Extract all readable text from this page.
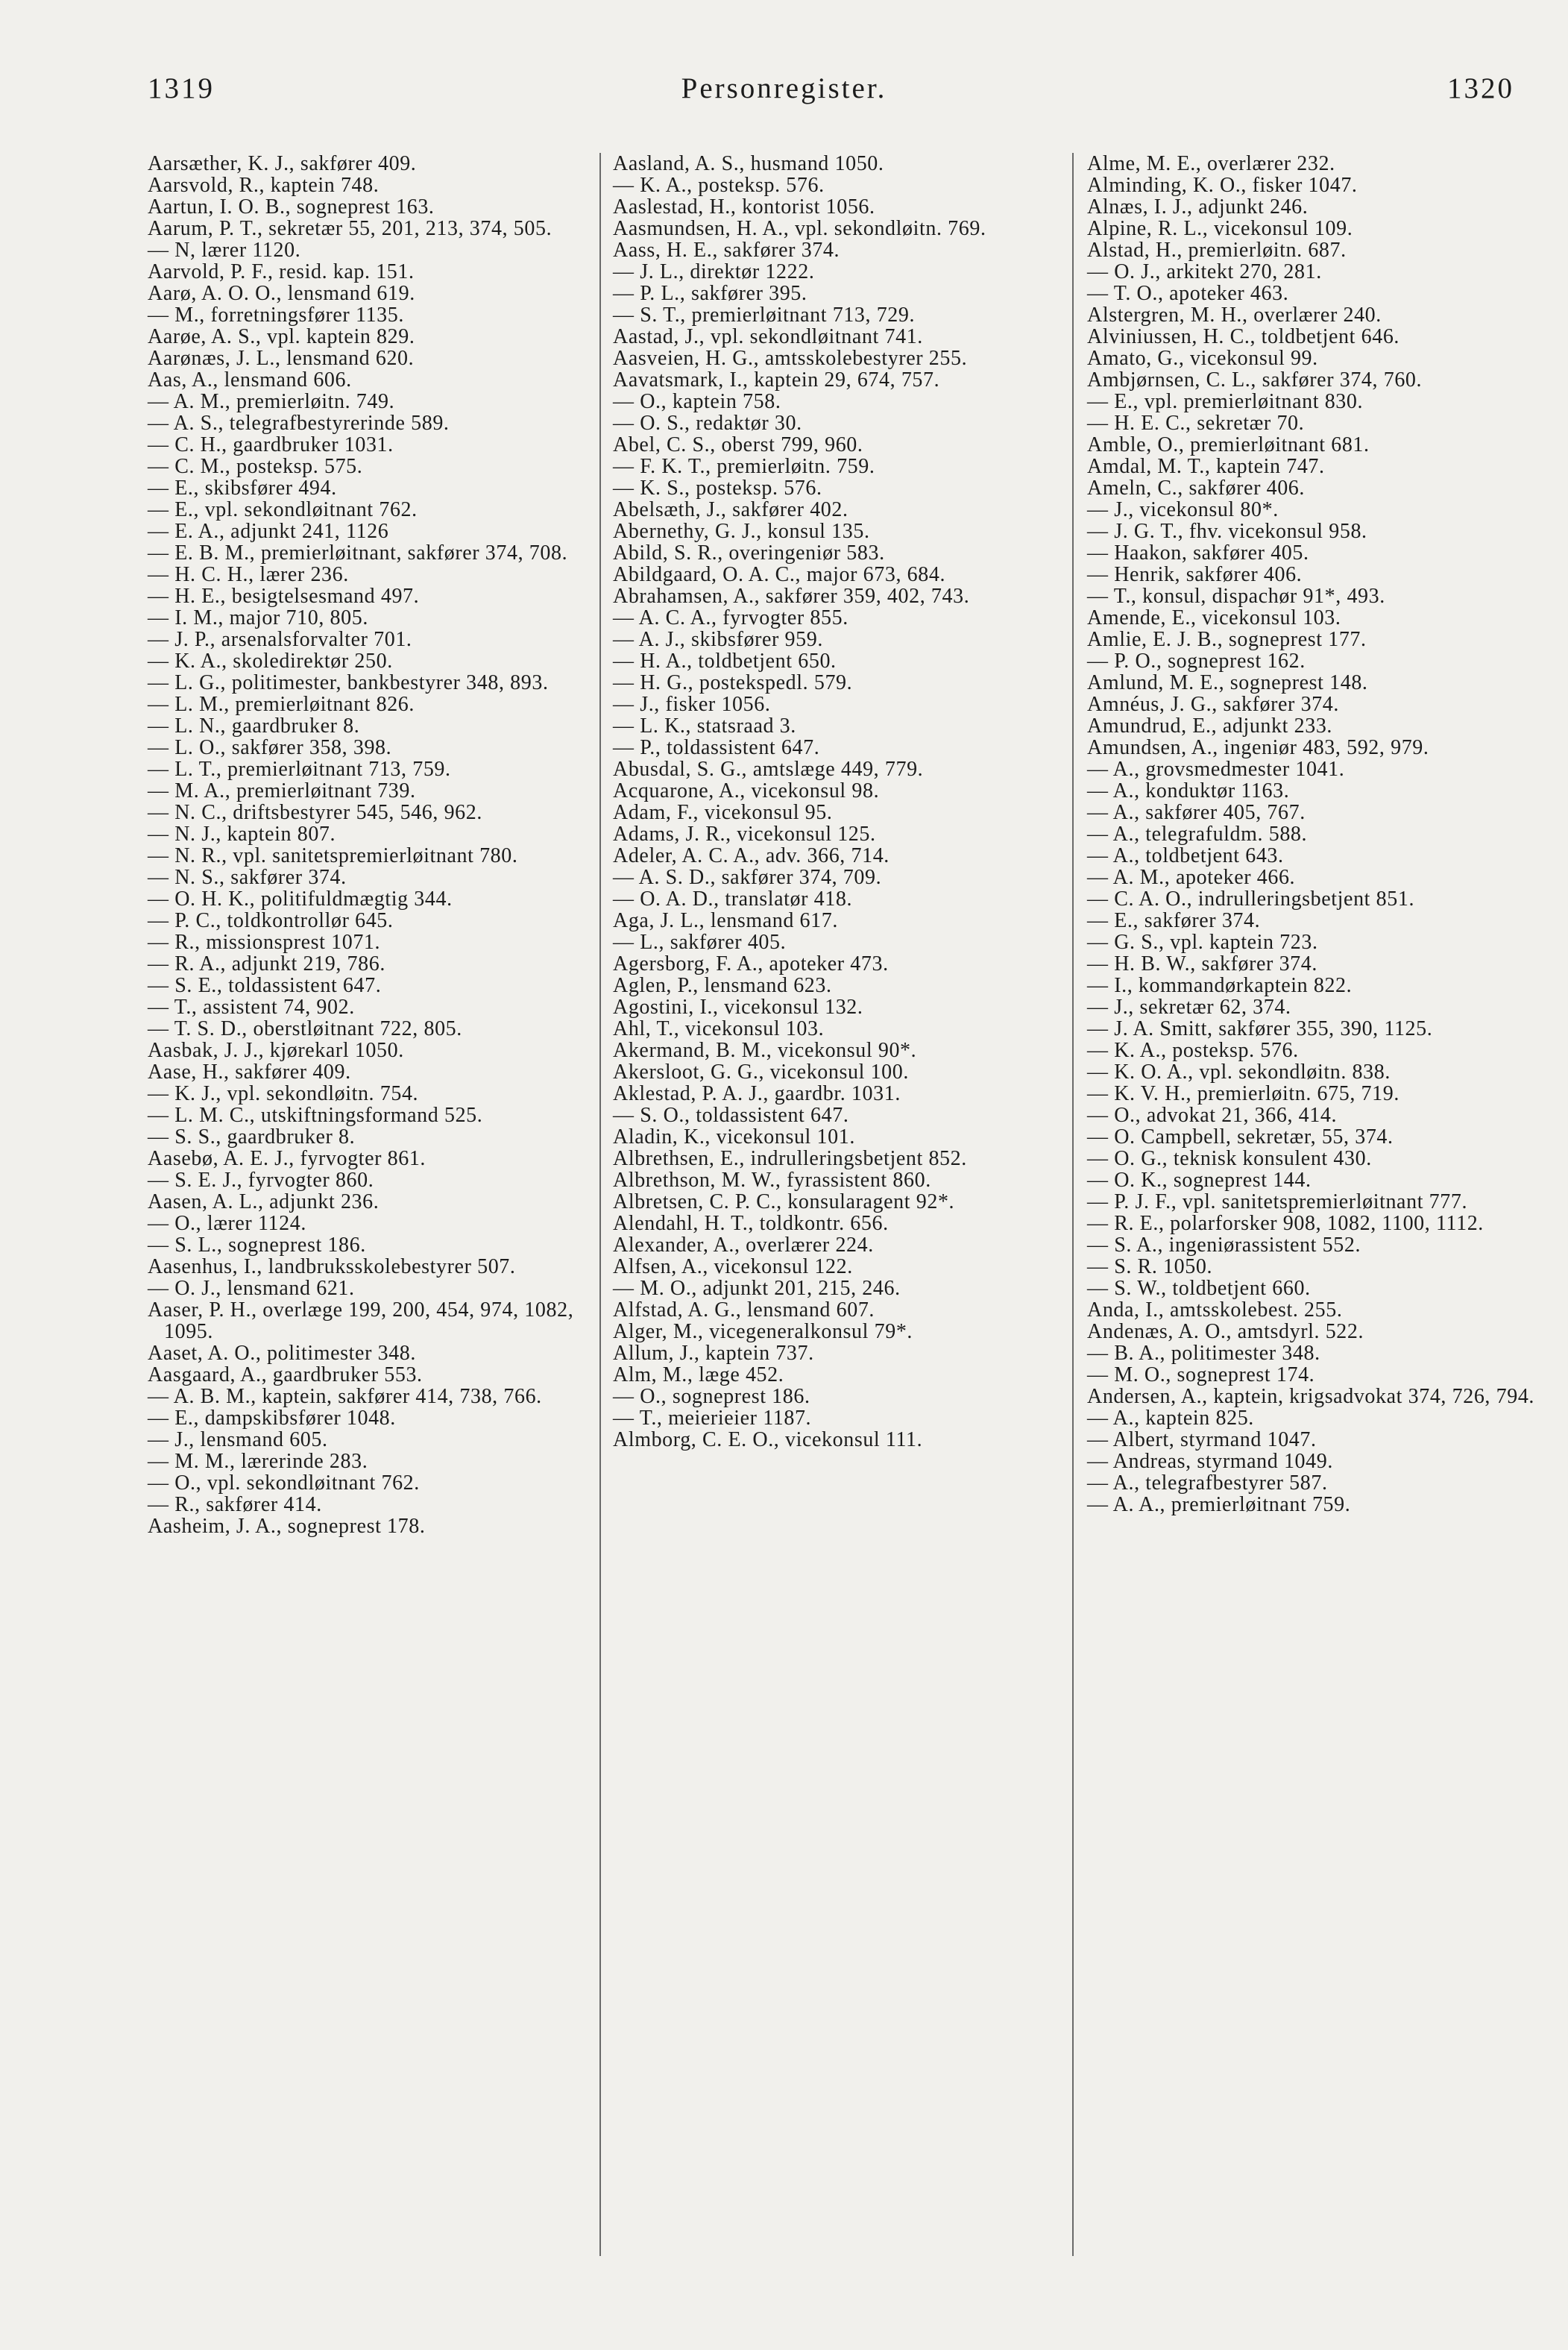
1319	Personregister.	1320
Aarsæther, K. J., sakfører 409.
Aarsvold, R., kaptein 748.
Aartun, I. O. B., sogneprest 163.
Aarum, P. T., sekretær 55, 201, 213, 374, 505.
— N, lærer 1120.
Aarvold, P. F., resid. kap. 151.
Aarø, A. O. O., lensmand 619.
— M., forretningsfører 1135.
Aarøe, A. S., vpl. kaptein 829.
Aarønæs, J. L., lensmand 620.
Aas, A., lensmand 606.
— A. M., premierløitn. 749.
— A. S., telegrafbestyrerinde 589.
— C. H., gaardbruker 1031.
— C. M., posteksp. 575.
— E., skibsfører 494.
— E., vpl. sekondløitnant 762.
— E. A., adjunkt 241, 1126
— E. B. M., premierløitnant, sakfører 374, 708.
— H. C. H., lærer 236.
— H. E., besigtelsesmand 497.
— I. M., major 710, 805.
— J. P., arsenalsforvalter 701.
— K. A., skoledirektør 250.
— L. G., politimester, bankbestyrer 348, 893.
— L. M., premierløitnant 826.
— L. N., gaardbruker 8.
— L. O., sakfører 358, 398.
— L. T., premierløitnant 713, 759.
— M. A., premierløitnant 739.
— N. C., driftsbestyrer 545, 546, 962.
— N. J., kaptein 807.
— N. R., vpl. sanitetspremierløitnant 780.
— N. S., sakfører 374.
— O. H. K., politifuldmægtig 344.
— P. C., toldkontrollør 645.
— R., missionsprest 1071.
— R. A., adjunkt 219, 786.
— S. E., toldassistent 647.
— T., assistent 74, 902.
— T. S. D., oberstløitnant 722, 805.
Aasbak, J. J., kjørekarl 1050.
Aase, H., sakfører 409.
— K. J., vpl. sekondløitn. 754.
— L. M. C., utskiftningsformand 525.
— S. S., gaardbruker 8.
Aasebø, A. E. J., fyrvogter 861.
— S. E. J., fyrvogter 860.
Aasen, A. L., adjunkt 236.
— O., lærer 1124.
— S. L., sogneprest 186.
Aasenhus, I., landbruksskolebestyrer 507.
— O. J., lensmand 621.
Aaser, P. H., overlæge 199, 200, 454, 974, 1082, 1095.
Aaset, A. O., politimester 348.
Aasgaard, A., gaardbruker 553.
— A. B. M., kaptein, sakfører 414, 738, 766.
— E., dampskibsfører 1048.
— J., lensmand 605.
— M. M., lærerinde 283.
— O., vpl. sekondløitnant 762.
— R., sakfører 414.
Aasheim, J. A., sogneprest 178.
Aasland, A. S., husmand 1050.
— K. A., posteksp. 576.
Aaslestad, H., kontorist 1056.
Aasmundsen, H. A., vpl. sekondløitn. 769.
Aass, H. E., sakfører 374.
— J. L., direktør 1222.
— P. L., sakfører 395.
— S. T., premierløitnant 713, 729.
Aastad, J., vpl. sekondløitnant 741.
Aasveien, H. G., amtsskolebestyrer 255.
Aavatsmark, I., kaptein 29, 674, 757.
— O., kaptein 758.
— O. S., redaktør 30.
Abel, C. S., oberst 799, 960.
— F. K. T., premierløitn. 759.
— K. S., posteksp. 576.
Abelsæth, J., sakfører 402.
Abernethy, G. J., konsul 135.
Abild, S. R., overingeniør 583.
Abildgaard, O. A. C., major 673, 684.
Abrahamsen, A., sakfører 359, 402, 743.
— A. C. A., fyrvogter 855.
— A. J., skibsfører 959.
— H. A., toldbetjent 650.
— H. G., postekspedl. 579.
— J., fisker 1056.
— L. K., statsraad 3.
— P., toldassistent 647.
Abusdal, S. G., amtslæge 449, 779.
Acquarone, A., vicekonsul 98.
Adam, F., vicekonsul 95.
Adams, J. R., vicekonsul 125.
Adeler, A. C. A., adv. 366, 714.
— A. S. D., sakfører 374, 709.
— O. A. D., translatør 418.
Aga, J. L., lensmand 617.
— L., sakfører 405.
Agersborg, F. A., apoteker 473.
Aglen, P., lensmand 623.
Agostini, I., vicekonsul 132.
Ahl, T., vicekonsul 103.
Akermand, B. M., vicekonsul 90*.
Akersloot, G. G., vicekonsul 100.
Aklestad, P. A. J., gaardbr. 1031.
— S. O., toldassistent 647.
Aladin, K., vicekonsul 101.
Albrethsen, E., indrulleringsbetjent 852.
Albrethson, M. W., fyrassistent 860.
Albretsen, C. P. C., konsularagent 92*.
Alendahl, H. T., toldkontr. 656.
Alexander, A., overlærer 224.
Alfsen, A., vicekonsul 122.
— M. O., adjunkt 201, 215, 246.
Alfstad, A. G., lensmand 607.
Alger, M., vicegeneralkonsul 79*.
Allum, J., kaptein 737.
Alm, M., læge 452.
— O., sogneprest 186.
— T., meierieier 1187.
Almborg, C. E. O., vicekonsul 111.
Alme, M. E., overlærer 232.
Alminding, K. O., fisker 1047.
Alnæs, I. J., adjunkt 246.
Alpine, R. L., vicekonsul 109.
Alstad, H., premierløitn. 687.
— O. J., arkitekt 270, 281.
— T. O., apoteker 463.
Alstergren, M. H., overlærer 240.
Alviniussen, H. C., toldbetjent 646.
Amato, G., vicekonsul 99.
Ambjørnsen, C. L., sakfører 374, 760.
— E., vpl. premierløitnant 830.
— H. E. C., sekretær 70.
Amble, O., premierløitnant 681.
Amdal, M. T., kaptein 747.
Ameln, C., sakfører 406.
— J., vicekonsul 80*.
— J. G. T., fhv. vicekonsul 958.
— Haakon, sakfører 405.
— Henrik, sakfører 406.
— T., konsul, dispachør 91*, 493.
Amende, E., vicekonsul 103.
Amlie, E. J. B., sogneprest 177.
— P. O., sogneprest 162.
Amlund, M. E., sogneprest 148.
Amnéus, J. G., sakfører 374.
Amundrud, E., adjunkt 233.
Amundsen, A., ingeniør 483, 592, 979.
— A., grovsmedmester 1041.
— A., konduktør 1163.
— A., sakfører 405, 767.
— A., telegrafuldm. 588.
— A., toldbetjent 643.
— A. M., apoteker 466.
— C. A. O., indrulleringsbetjent 851.
— E., sakfører 374.
— G. S., vpl. kaptein 723.
— H. B. W., sakfører 374.
— I., kommandørkaptein 822.
— J., sekretær 62, 374.
— J. A. Smitt, sakfører 355, 390, 1125.
— K. A., posteksp. 576.
— K. O. A., vpl. sekondløitn. 838.
— K. V. H., premierløitn. 675, 719.
— O., advokat 21, 366, 414.
— O. Campbell, sekretær, 55, 374.
— O. G., teknisk konsulent 430.
— O. K., sogneprest 144.
— P. J. F., vpl. sanitetspremierløitnant 777.
— R. E., polarforsker 908, 1082, 1100, 1112.
— S. A., ingeniørassistent 552.
— S. R. 1050.
— S. W., toldbetjent 660.
Anda, I., amtsskolebest. 255.
Andenæs, A. O., amtsdyrl. 522.
— B. A., politimester 348.
— M. O., sogneprest 174.
Andersen, A., kaptein, krigsadvokat 374, 726, 794.
— A., kaptein 825.
— Albert, styrmand 1047.
— Andreas, styrmand 1049.
— A., telegrafbestyrer 587.
— A. A., premierløitnant 759.
